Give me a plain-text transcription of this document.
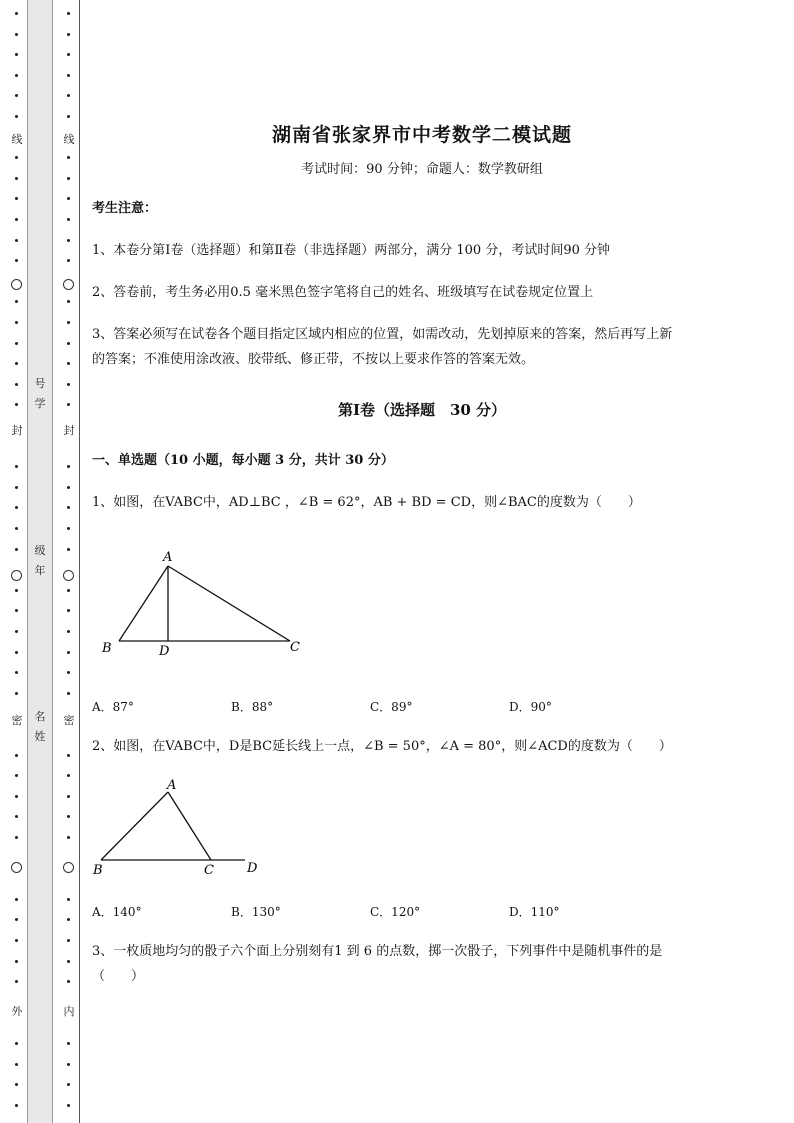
线
封
密
外
号
学
级
年
名
姓
线
封
密
内
湖南省张家界市中考数学二模试题
考试时间：90 分钟；命题人：数学教研组
考生注意：
1、本卷分第Ⅰ卷（选择题）和第Ⅱ卷（非选择题）两部分，满分 100 分，考试时间90 分钟
2、答卷前，考生务必用0.5 毫米黑色签字笔将自己的姓名、班级填写在试卷规定位置上
3、答案必须写在试卷各个题目指定区域内相应的位置，如需改动，先划掉原来的答案，然后再写上新
的答案；不准使用涂改液、胶带纸、修正带，不按以上要求作答的答案无效。
第Ⅰ卷（选择题　30 分）
一、单选题（10 小题，每小题 3 分，共计 30 分）
1、如图，在VABC中，AD⊥BC ，∠B = 62°，AB + BD = CD，则∠BAC的度数为（　　）
A
B	D	C
A．87°	B．88°	C．89°	D．90°
2、如图，在VABC中，D是BC延长线上一点，∠B = 50°，∠A = 80°，则∠ACD的度数为（　　）
A
B	C	D
A．140°	B．130°	C．120°	D．110°
3、一枚质地均匀的骰子六个面上分别刻有1 到 6 的点数，掷一次骰子，下列事件中是随机事件的是
（　　）
